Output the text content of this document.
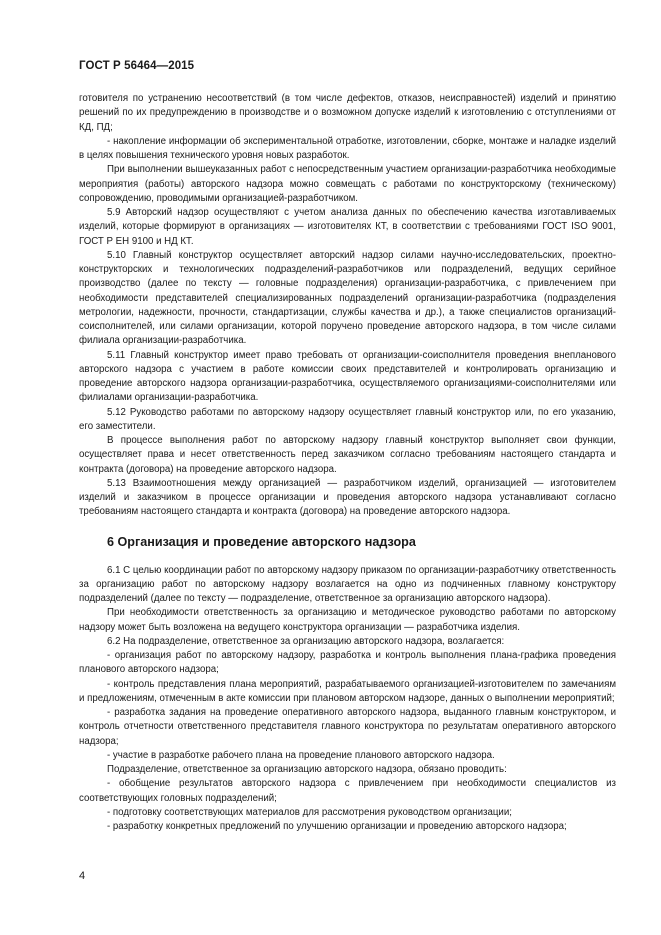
ГОСТ Р 56464—2015

готовителя по устранению несоответствий (в том числе дефектов, отказов, неисправностей) изделий и принятию решений по их предупреждению в производстве и о возможном допуске изделий к изготовлению с отступлениями от КД, ПД;

- накопление информации об экспериментальной отработке, изготовлении, сборке, монтаже и наладке изделий в целях повышения технического уровня новых разработок.

При выполнении вышеуказанных работ с непосредственным участием организации-разработчика необходимые мероприятия (работы) авторского надзора можно совмещать с работами по конструкторскому (техническому) сопровождению, проводимыми организацией-разработчиком.

5.9 Авторский надзор осуществляют с учетом анализа данных по обеспечению качества изготавливаемых изделий, которые формируют в организациях — изготовителях КТ, в соответствии с требованиями ГОСТ ISO 9001, ГОСТ Р ЕН 9100 и НД КТ.

5.10 Главный конструктор осуществляет авторский надзор силами научно-исследовательских, проектно-конструкторских и технологических подразделений-разработчиков или подразделений, ведущих серийное производство (далее по тексту — головные подразделения) организации-разработчика, с привлечением при необходимости представителей специализированных подразделений организации-разработчика (подразделения метрологии, надежности, прочности, стандартизации, службы качества и др.), а также специалистов организаций-соисполнителей, или силами организации, которой поручено проведение авторского надзора, в том числе силами филиала организации-разработчика.

5.11 Главный конструктор имеет право требовать от организации-соисполнителя проведения внепланового авторского надзора с участием в работе комиссии своих представителей и контролировать организацию и проведение авторского надзора организации-разработчика, осуществляемого организациями-соисполнителями или филиалами организации-разработчика.

5.12 Руководство работами по авторскому надзору осуществляет главный конструктор или, по его указанию, его заместители.

В процессе выполнения работ по авторскому надзору главный конструктор выполняет свои функции, осуществляет права и несет ответственность перед заказчиком согласно требованиям настоящего стандарта и контракта (договора) на проведение авторского надзора.

5.13 Взаимоотношения между организацией — разработчиком изделий, организацией — изготовителем изделий и заказчиком в процессе организации и проведения авторского надзора устанавливают согласно требованиям настоящего стандарта и контракта (договора) на проведение авторского надзора.

6 Организация и проведение авторского надзора

6.1 С целью координации работ по авторскому надзору приказом по организации-разработчику ответственность за организацию работ по авторскому надзору возлагается на одно из подчиненных главному конструктору подразделений (далее по тексту — подразделение, ответственное за организацию авторского надзора).

При необходимости ответственность за организацию и методическое руководство работами по авторскому надзору может быть возложена на ведущего конструктора организации — разработчика изделия.

6.2 На подразделение, ответственное за организацию авторского надзора, возлагается:

- организация работ по авторскому надзору, разработка и контроль выполнения плана-графика проведения планового авторского надзора;

- контроль представления плана мероприятий, разрабатываемого организацией-изготовителем по замечаниям и предложениям, отмеченным в акте комиссии при плановом авторском надзоре, данных о выполнении мероприятий;

- разработка задания на проведение оперативного авторского надзора, выданного главным конструктором, и контроль отчетности ответственного представителя главного конструктора по результатам оперативного авторского надзора;

- участие в разработке рабочего плана на проведение планового авторского надзора.

Подразделение, ответственное за организацию авторского надзора, обязано проводить:

- обобщение результатов авторского надзора с привлечением при необходимости специалистов из соответствующих головных подразделений;

- подготовку соответствующих материалов для рассмотрения руководством организации;

- разработку конкретных предложений по улучшению организации и проведению авторского надзора;

4
